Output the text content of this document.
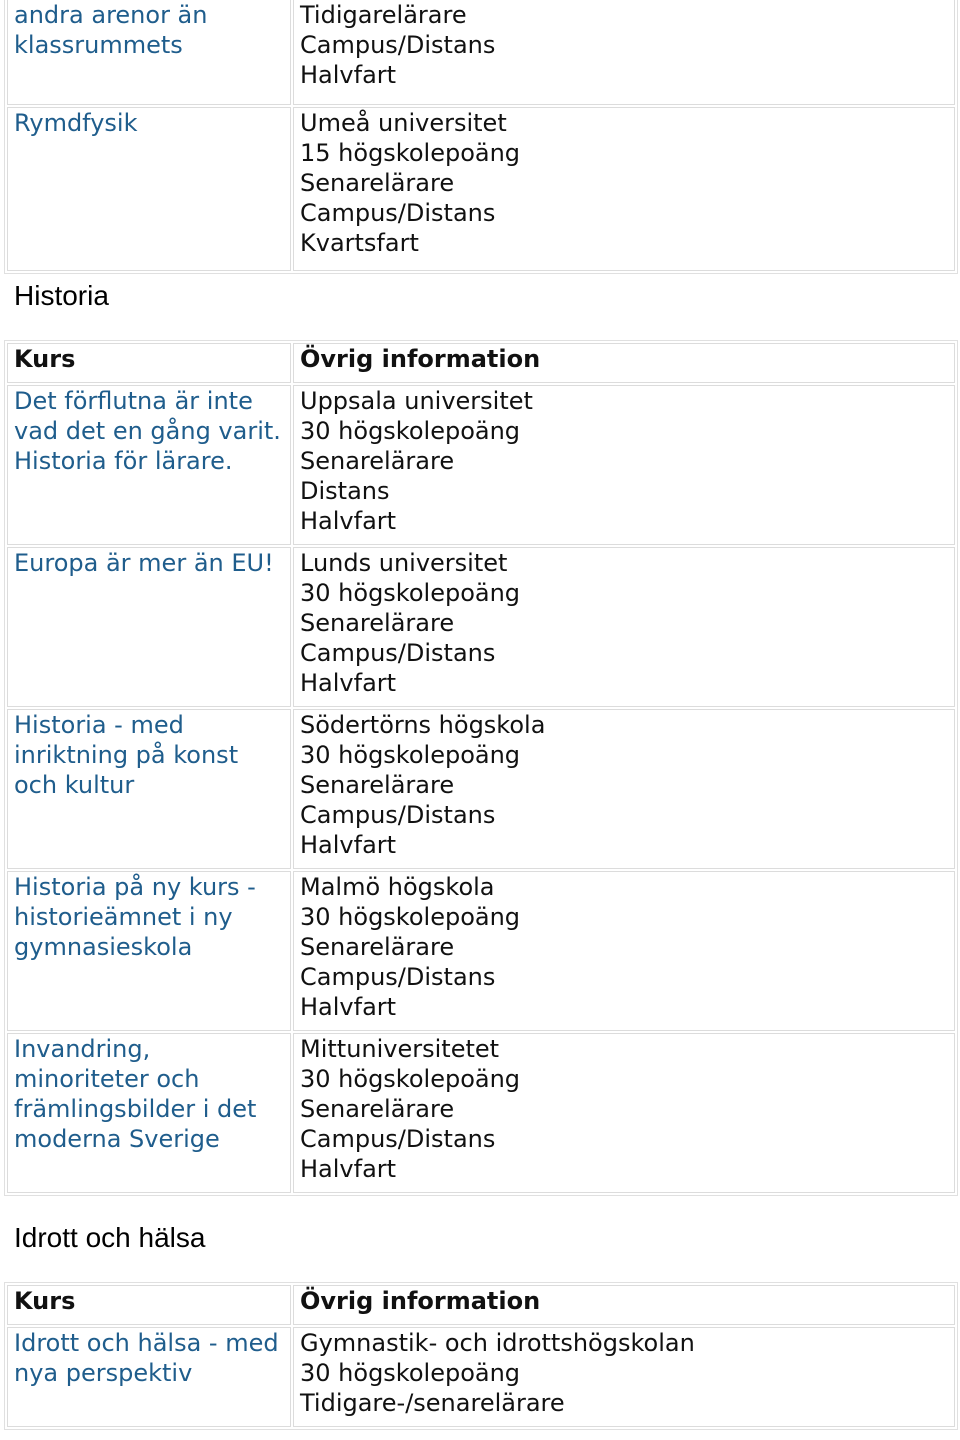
andra arenor än klassrummets	Tidigarelärare
Campus/Distans
Halvfart

Rymdfysik	Umeå universitet
15 högskolepoäng
Senarelärare
Campus/Distans
Kvartsfart
Historia
Kurs	Övrig information
Det förflutna är inte vad det en gång varit. Historia för lärare.	Uppsala universitet
30 högskolepoäng
Senarelärare
Distans
Halvfart

Europa är mer än EU!	Lunds universitet
30 högskolepoäng
Senarelärare
Campus/Distans
Halvfart

Historia - med inriktning på konst och kultur	Södertörns högskola
30 högskolepoäng
Senarelärare
Campus/Distans
Halvfart

Historia på ny kurs - historieämnet i ny gymnasieskola	Malmö högskola
30 högskolepoäng
Senarelärare
Campus/Distans
Halvfart

Invandring, minoriteter och främlingsbilder i det moderna Sverige	Mittuniversitetet
30 högskolepoäng
Senarelärare
Campus/Distans
Halvfart
Idrott och hälsa
Kurs	Övrig information
Idrott och hälsa - med nya perspektiv	Gymnastik- och idrottshögskolan
30 högskolepoäng
Tidigare-/senarelärare
